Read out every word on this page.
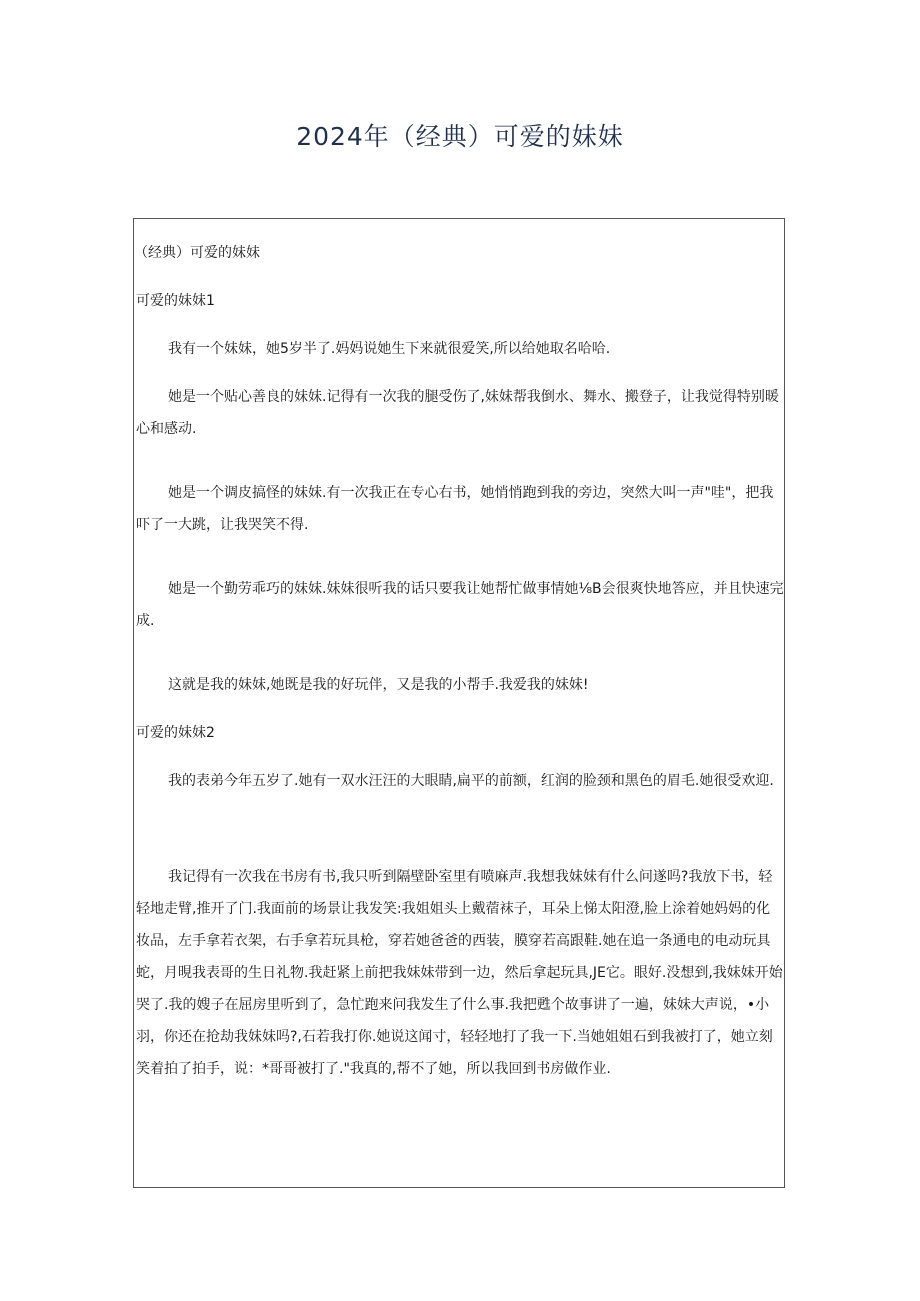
2024年（经典）可爱的妹妹

（经典）可爱的妹妹

可爱的妹妹1

我有一个妹妹，她5岁半了.妈妈说她生下来就很爱笑,所以给她取名哈哈.

她是一个贴心善良的妹妹.记得有一次我的腿受伤了,妹妹帮我倒水、舞水、搬登子，让我觉得特别暖心和感动.

她是一个调皮搞怪的妹妹.有一次我正在专心右书，她悄悄跑到我的旁边，突然大叫一声"哇"，把我吓了一大跳，让我哭笑不得.

她是一个勤劳乖巧的妹妹.妹妹很听我的话只要我让她帮忙做事情她⅛B会很爽快地答应，并且快速完成.

这就是我的妹妹,她既是我的好玩伴，又是我的小帮手.我爱我的妹妹!

可爱的妹妹2

我的表弟今年五岁了.她有一双水汪汪的大眼睛,扁平的前额，红润的脸颈和黑色的眉毛.她很受欢迎.

我记得有一次我在书房有书,我只听到隔壁卧室里有喷麻声.我想我妹妹有什么问遂吗?我放下书，轻轻地走臂,推开了门.我面前的场景让我发笑:我姐姐头上戴蓿袜子，耳朵上悌太阳澄,脸上涂着她妈妈的化妆品，左手拿若衣架，右手拿若玩具枪，穿若她爸爸的西装，膜穿若高跟鞋.她在追一条通电的电动玩具蛇，月晛我表哥的生日礼物.我赶紧上前把我妹妹带到一边，然后拿起玩具,JE它。眼好.没想到,我妹妹开始哭了.我的嫂子在屈房里听到了，急忙跑来问我发生了什么事.我把甦个故事讲了一遍，妹妹大声说，•小羽，你还在抢劫我妹妹吗?,石若我打你.她说这闻寸，轻轻地打了我一下.当她姐姐石到我被打了，她立刻笑着拍了拍手，说：*哥哥被打了."我真的,帮不了她，所以我回到书房做作业.
